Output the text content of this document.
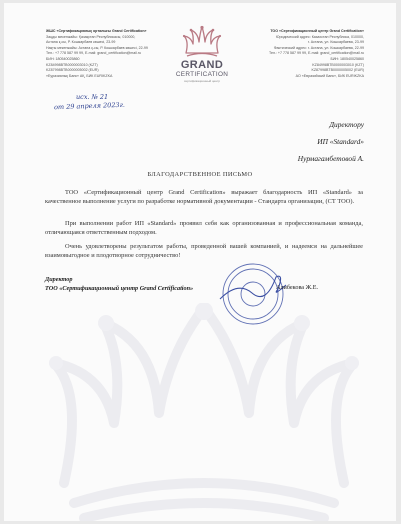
ЖШС «Сертификациялық орталығы Grand Certification»
Заңды мекенжайы: Қазақстан Республикасы, 010000,
Астана қ-сы, Р. Кошкарбаев көшесі, 23-99
Нақты мекенжайы: Астана қ-сы, Р. Кошкарбаев көшесі, 22-99
Тел.: +7 778 587 99 99, E-mail: grand_certification@mail.ru
БИН: 180540025860
KZ84998BTB0000003010 (KZT)
KZ87998BTB0000005002 (EUR)
«Еуразиялық Банк» АҚ, БИК EURIKZKA
GRAND
CERTIFICATION
сертификационный центр
ТОО «Сертификационный центр Grand Certification»
Юридический адрес: Казахстан Республика, 010000,
г. Астана, ул. Кошкарбаева, 23-99
Фактический адрес: г. Астана, ул. Кошкарбаева, 22-99
Тел.: +7 778 587 99 99, E-mail: grand_certification@mail.ru
БИН: 180540025860
KZ84998BTB0000003010 (KZT)
KZ87998BTB0000005002 (EUR)
АО «Евразийский Банк», БИК EURIKZKA
исх. № 21
от 29 апреля 2023г.
Директору
ИП «Standard»
Нурмагамбетовой А.
БЛАГОДАРСТВЕННОЕ ПИСЬМО

ТОО «Сертификационный центр Grand Certification» выражает благодарность ИП «Standard» за качественное выполнение услуги по разработке нормативной документации - Стандарта организации, (СТ ТОО).

При выполнении работ ИП «Standard» проявил себя как организованная и профессиональная команда, отличающаяся ответственным подходом.

Очень удовлетворены результатом работы, проведенной вашей компанией, и надеемся на дальнейшее взаимовыгодное и плодотворное сотрудничество!

Директор
ТОО «Сертификационный центр Grand Certification»	Алибекова Ж.Е.
